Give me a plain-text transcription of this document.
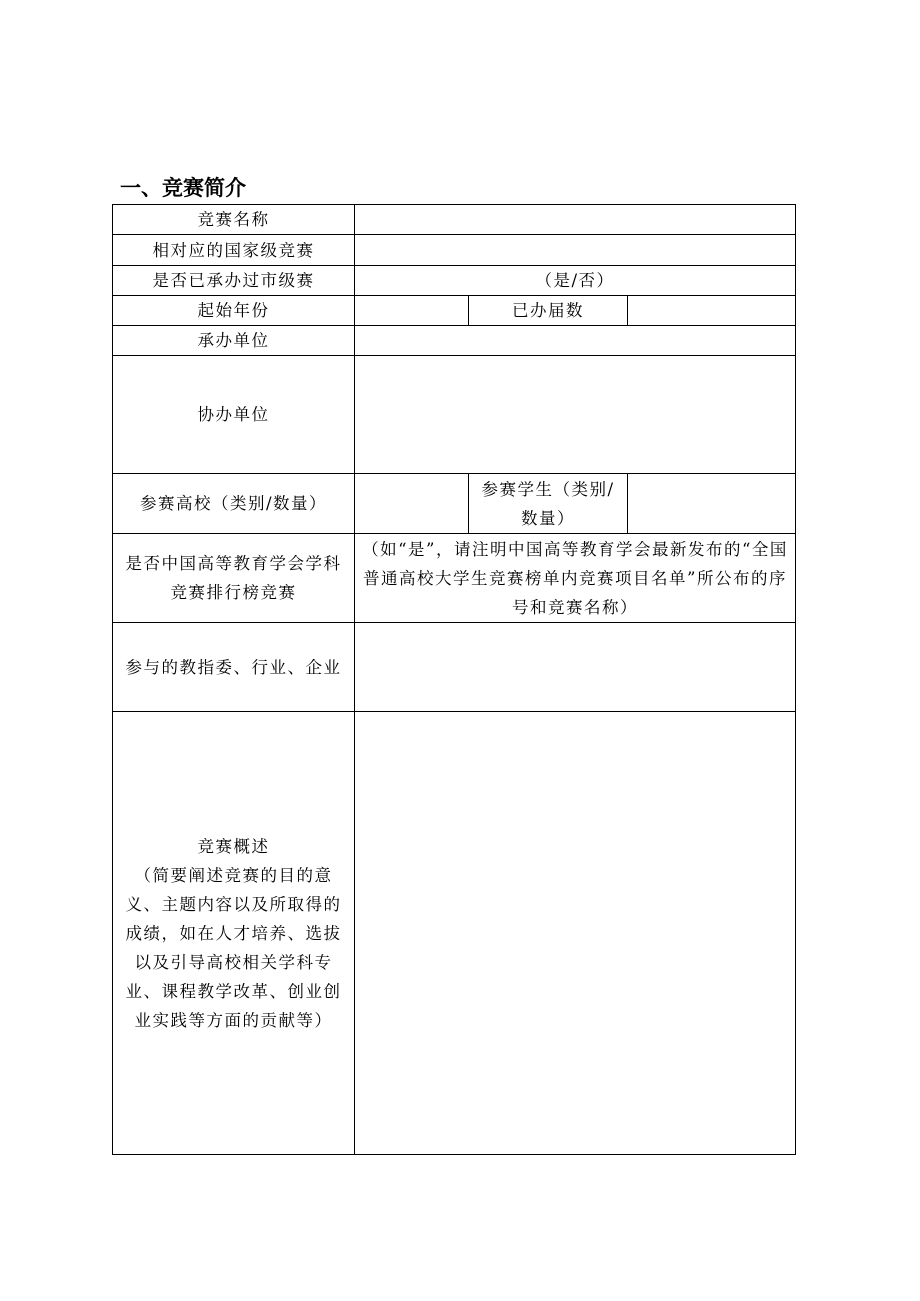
一、竞赛简介
竞赛名称			
相对应的国家级竞赛			
是否已承办过市级赛	（是/否）		
起始年份		已办届数	
承办单位			
协办单位			
参赛高校（类别/数量）		参赛学生（类别/数量）	
是否中国高等教育学会学科竞赛排行榜竞赛	（如“是”，请注明中国高等教育学会最新发布的“全国普通高校大学生竞赛榜单内竞赛项目名单”所公布的序号和竞赛名称）		
参与的教指委、行业、企业			

竞赛概述
（简要阐述竞赛的目的意义、主题内容以及所取得的成绩，如在人才培养、选拔以及引导高校相关学科专业、课程教学改革、创业创业实践等方面的贡献等）			
